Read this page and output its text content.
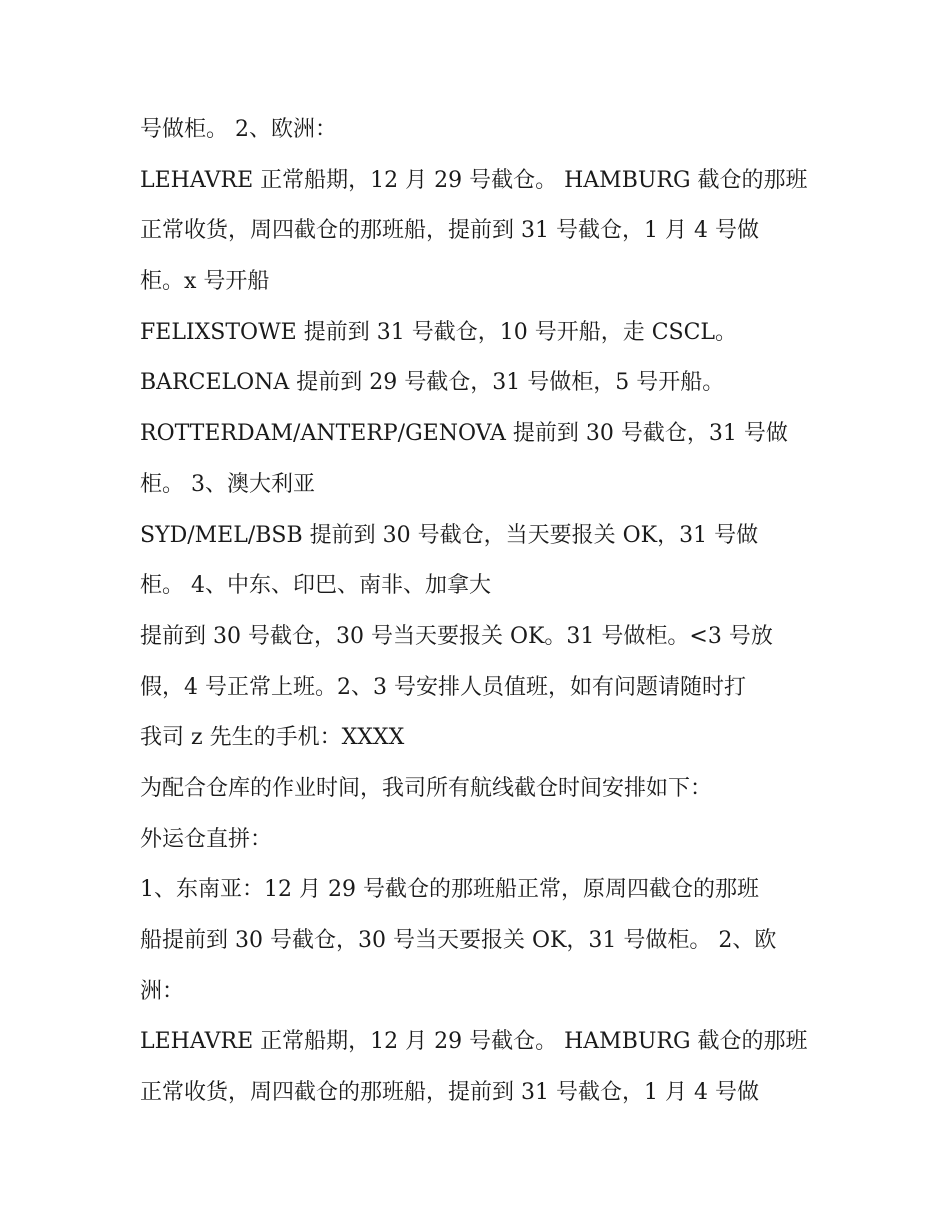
号做柜。 2、欧洲：
LEHAVRE 正常船期，12 月 29 号截仓。 HAMBURG 截仓的那班
正常收货，周四截仓的那班船，提前到 31 号截仓，1 月 4 号做
柜。x 号开船
FELIXSTOWE 提前到 31 号截仓，10 号开船，走 CSCL。
BARCELONA 提前到 29 号截仓，31 号做柜，5 号开船。
ROTTERDAM/ANTERP/GENOVA 提前到 30 号截仓，31 号做
柜。 3、澳大利亚
SYD/MEL/BSB 提前到 30 号截仓，当天要报关 OK，31 号做
柜。 4、中东、印巴、南非、加拿大
提前到 30 号截仓，30 号当天要报关 OK。31 号做柜。<3 号放
假，4 号正常上班。2、3 号安排人员值班，如有问题请随时打
我司 z 先生的手机：XXXX
为配合仓库的作业时间，我司所有航线截仓时间安排如下：
外运仓直拼：
1、东南亚：12 月 29 号截仓的那班船正常，原周四截仓的那班
船提前到 30 号截仓，30 号当天要报关 OK，31 号做柜。 2、欧
洲：
LEHAVRE 正常船期，12 月 29 号截仓。 HAMBURG 截仓的那班
正常收货，周四截仓的那班船，提前到 31 号截仓，1 月 4 号做
